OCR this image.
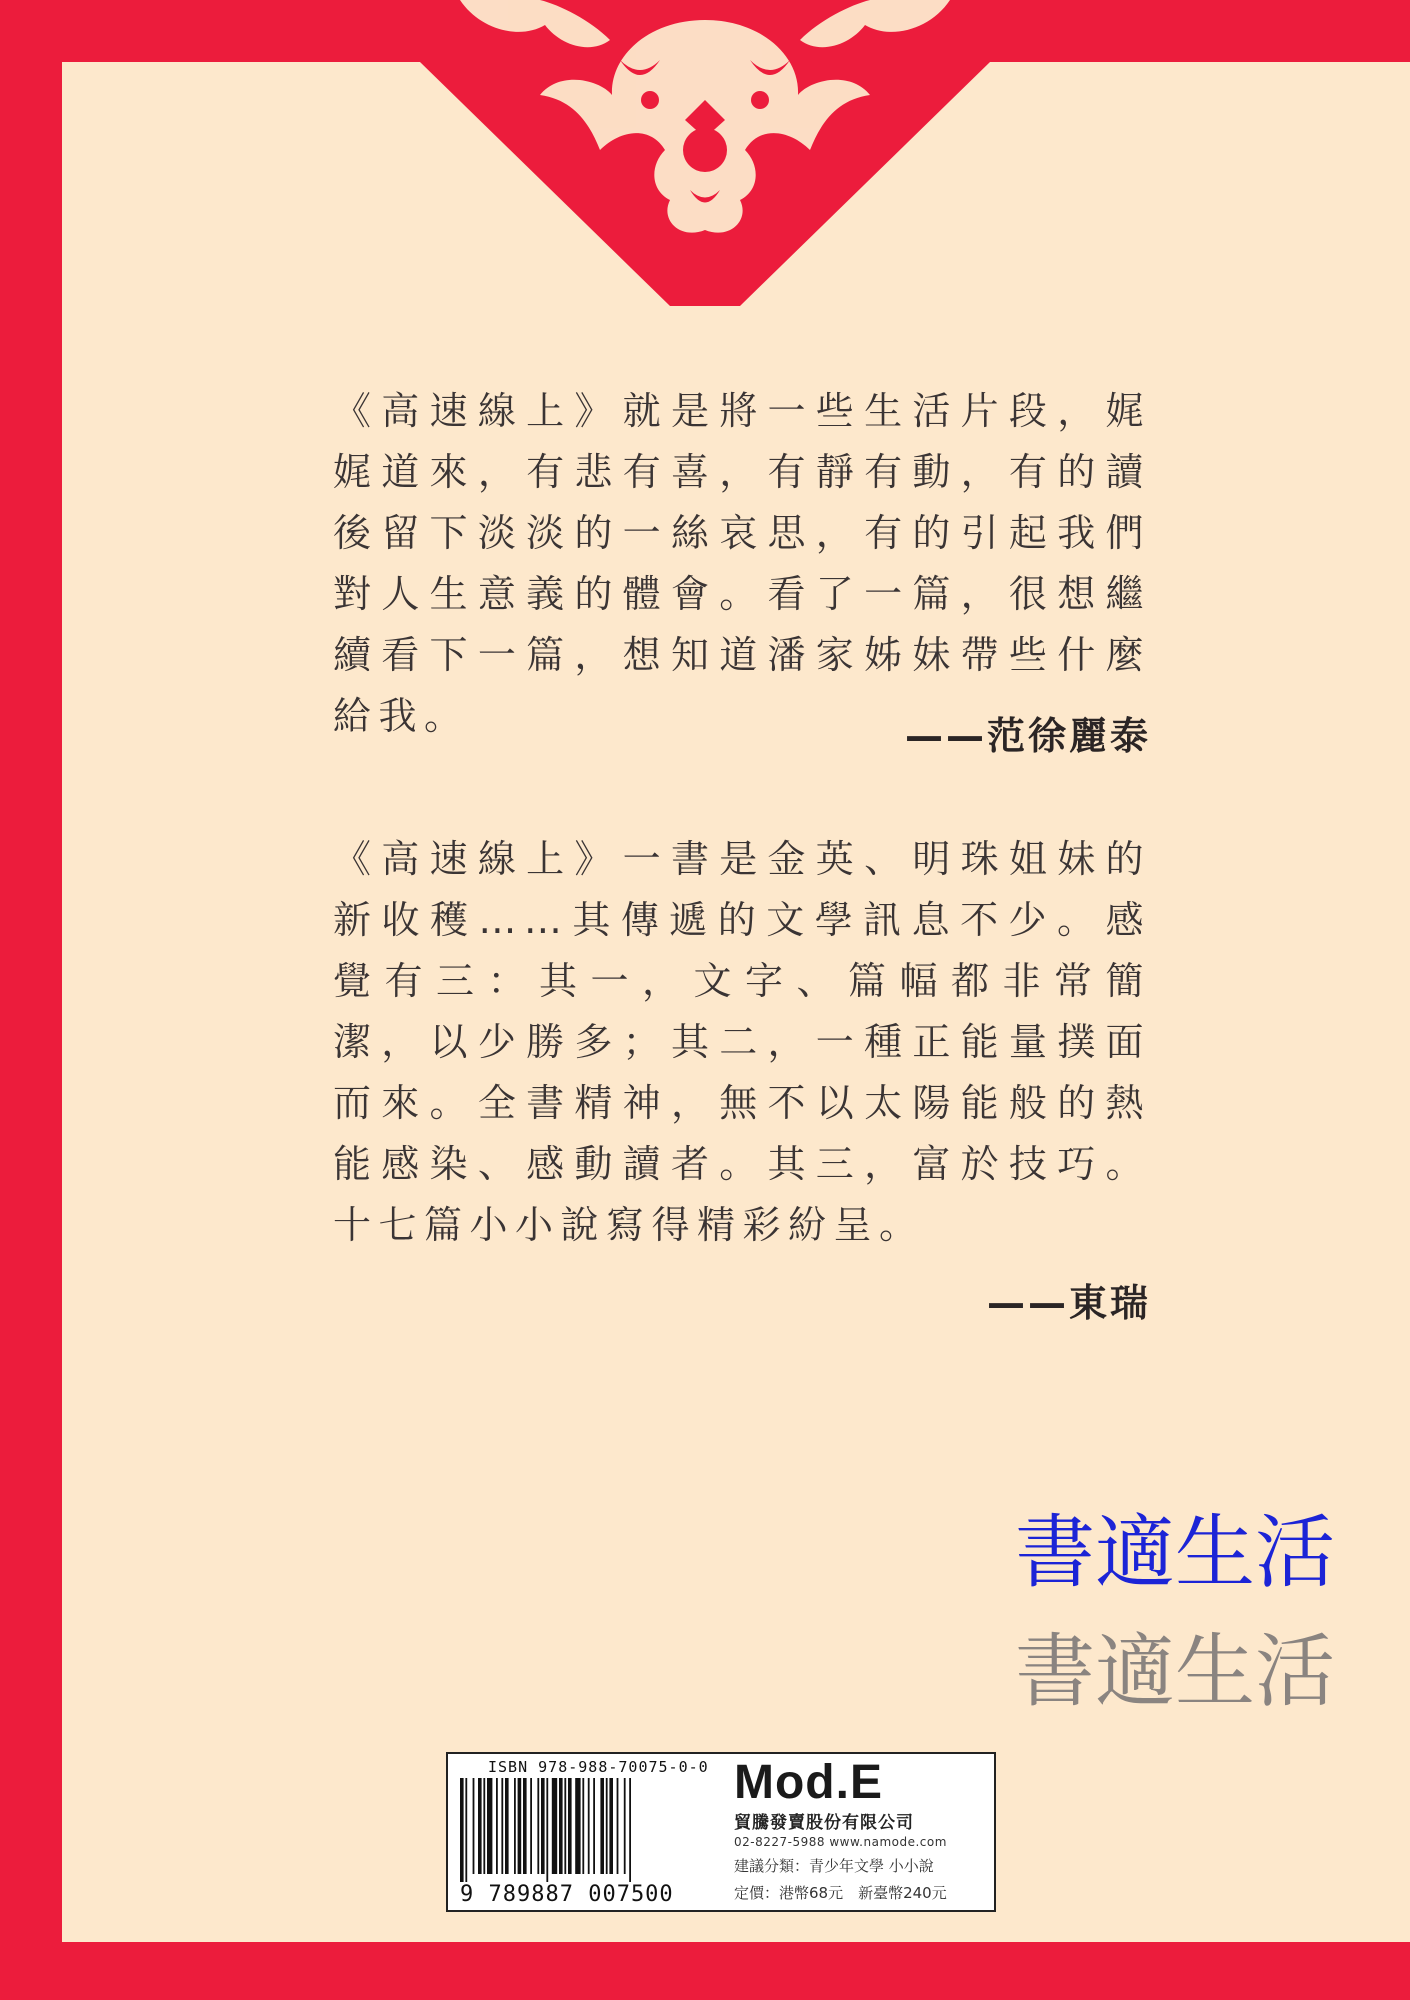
《高速線上》就是將一些生活片段，娓娓道來，有悲有喜，有靜有動，有的讀後留下淡淡的一絲哀思，有的引起我們對人生意義的體會。看了一篇，很想繼續看下一篇，想知道潘家姊妹帶些什麼給我。	——范徐麗泰

《高速線上》一書是金英、明珠姐妹的新收穫……其傳遞的文學訊息不少。感覺有三：其一，文字、篇幅都非常簡潔，以少勝多；其二，一種正能量撲面而來。全書精神，無不以太陽能般的熱能感染、感動讀者。其三，富於技巧。十七篇小小說寫得精彩紛呈。

——東瑞
書適生活
書適生活
ISBN 978-988-70075-0-0
9 789887 007500
Mod.E
貿騰發賣股份有限公司
02-8227-5988 www.namode.com
建議分類：青少年文學 小小說
定價：港幣68元　新臺幣240元
